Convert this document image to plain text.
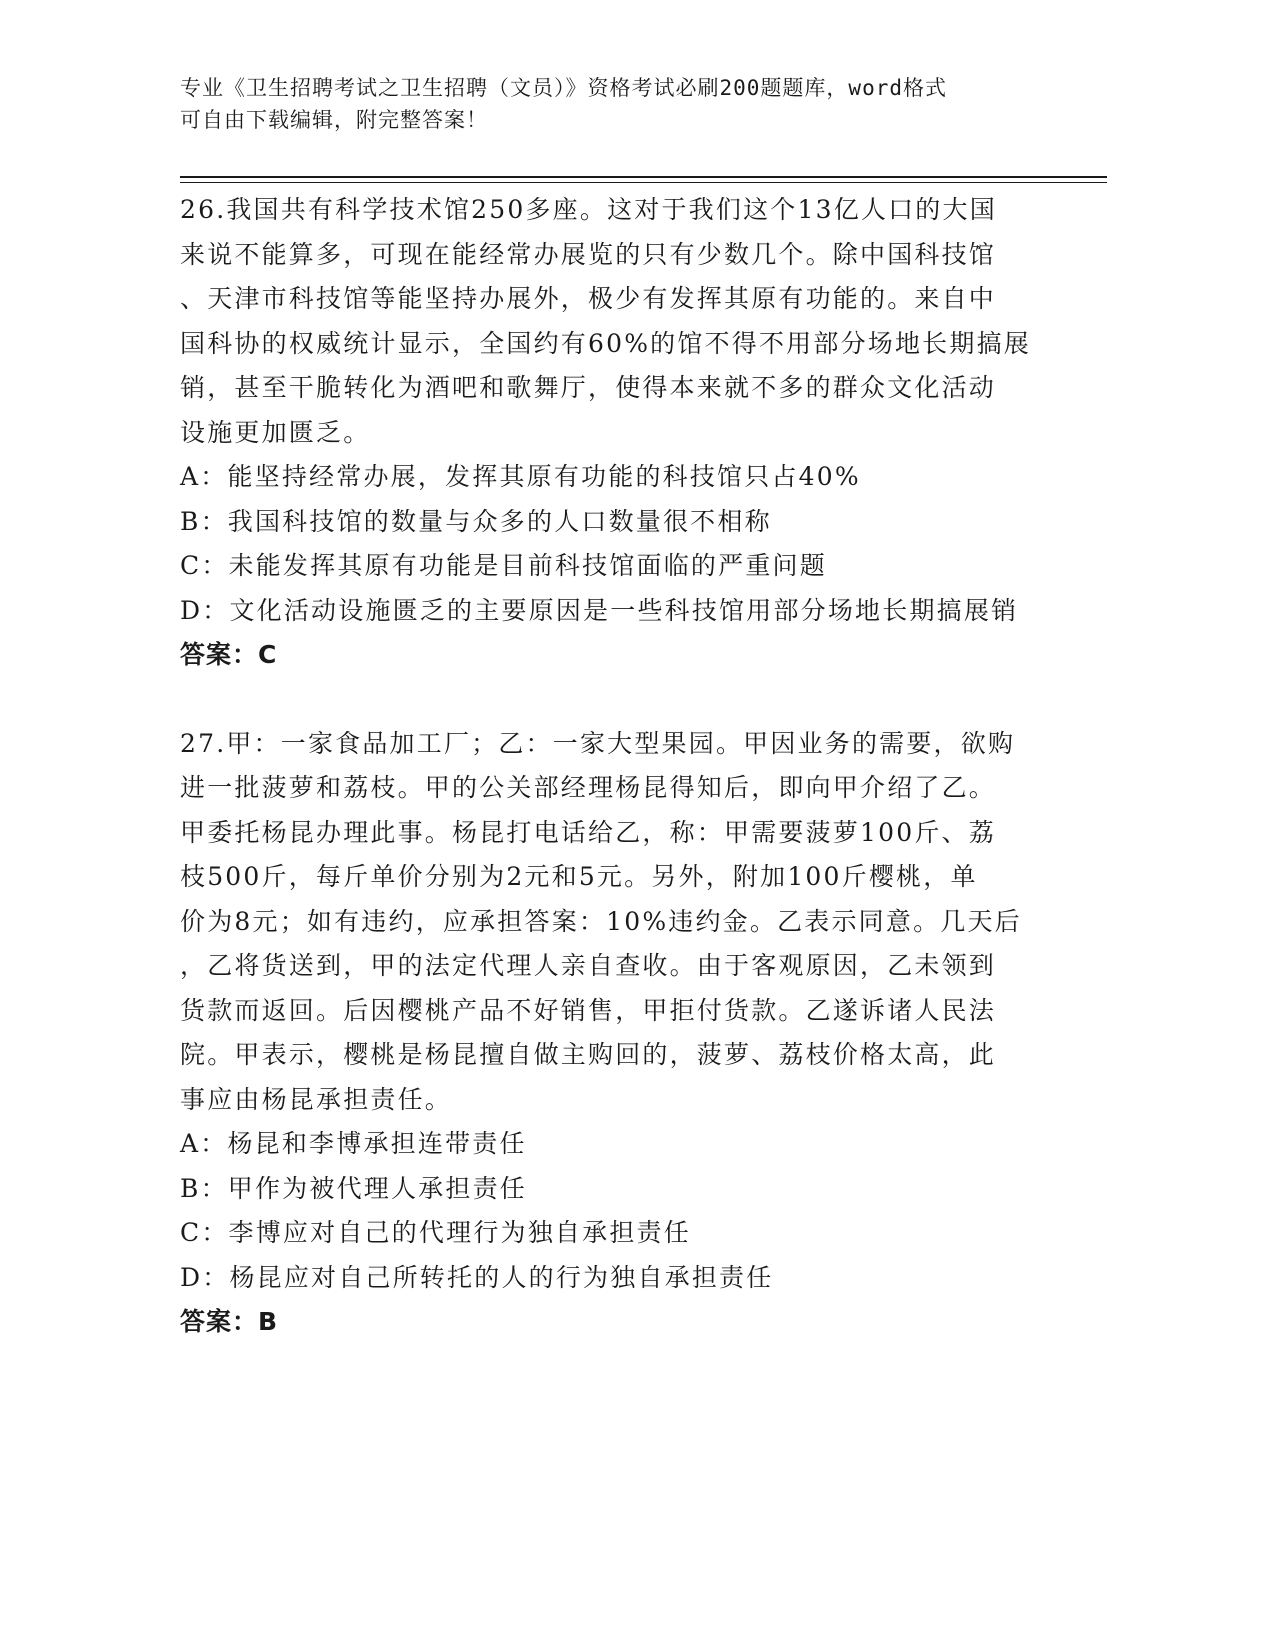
专业《卫生招聘考试之卫生招聘（文员）》资格考试必刷200题题库，word格式

可自由下载编辑，附完整答案！

26.我国共有科学技术馆250多座。这对于我们这个13亿人口的大国

来说不能算多，可现在能经常办展览的只有少数几个。除中国科技馆

、天津市科技馆等能坚持办展外，极少有发挥其原有功能的。来自中

国科协的权威统计显示，全国约有60%的馆不得不用部分场地长期搞展

销，甚至干脆转化为酒吧和歌舞厅，使得本来就不多的群众文化活动

设施更加匮乏。

A：能坚持经常办展，发挥其原有功能的科技馆只占40%

B：我国科技馆的数量与众多的人口数量很不相称

C：未能发挥其原有功能是目前科技馆面临的严重问题

D：文化活动设施匮乏的主要原因是一些科技馆用部分场地长期搞展销

答案：C

27.甲：一家食品加工厂；乙：一家大型果园。甲因业务的需要，欲购

进一批菠萝和荔枝。甲的公关部经理杨昆得知后，即向甲介绍了乙。

甲委托杨昆办理此事。杨昆打电话给乙，称：甲需要菠萝100斤、荔

枝500斤，每斤单价分别为2元和5元。另外，附加100斤樱桃，单

价为8元；如有违约，应承担答案：10%违约金。乙表示同意。几天后

，乙将货送到，甲的法定代理人亲自查收。由于客观原因，乙未领到

货款而返回。后因樱桃产品不好销售，甲拒付货款。乙遂诉诸人民法

院。甲表示，樱桃是杨昆擅自做主购回的，菠萝、荔枝价格太高，此

事应由杨昆承担责任。

A：杨昆和李博承担连带责任

B：甲作为被代理人承担责任

C：李博应对自己的代理行为独自承担责任

D：杨昆应对自己所转托的人的行为独自承担责任

答案：B
